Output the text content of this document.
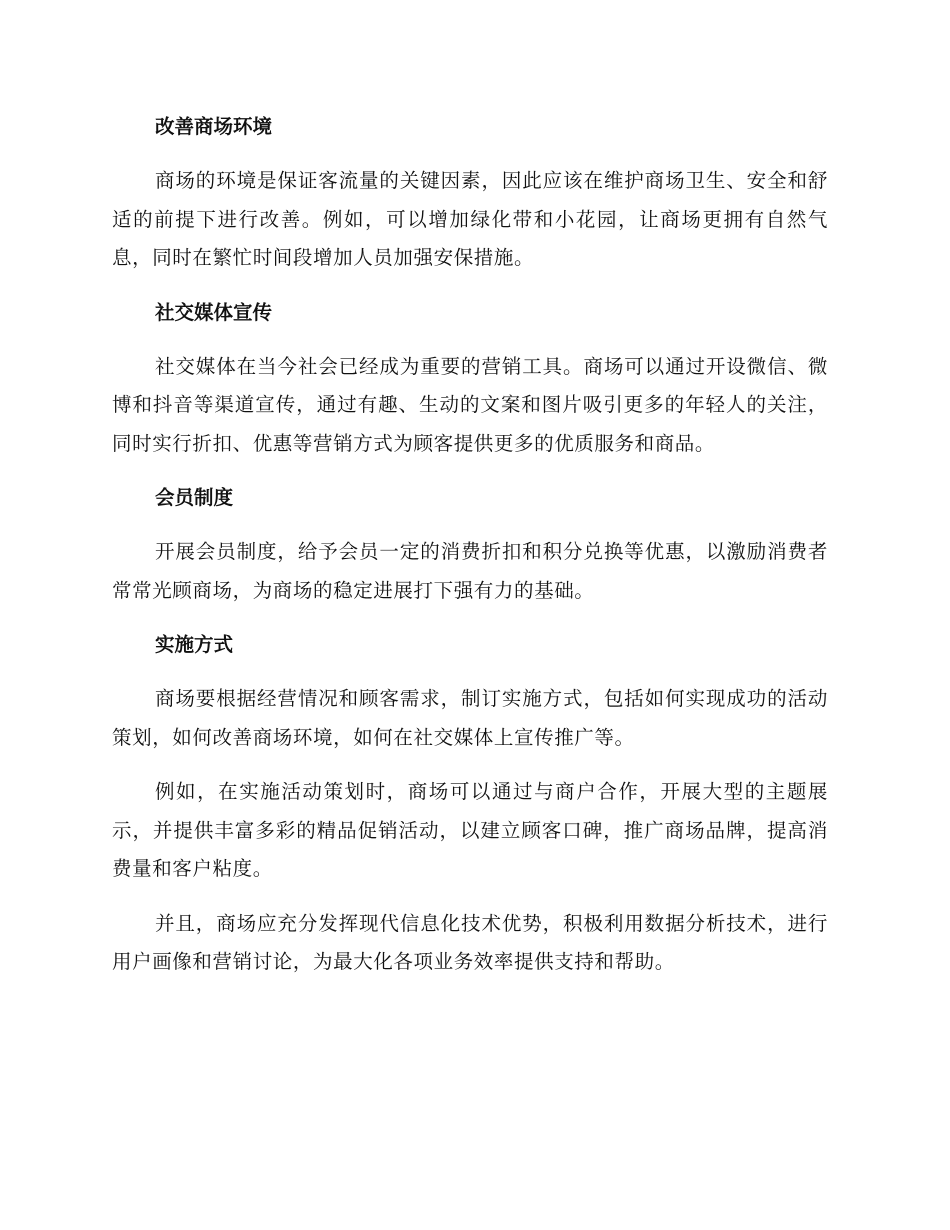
改善商场环境

商场的环境是保证客流量的关键因素，因此应该在维护商场卫生、安全和舒适的前提下进行改善。例如，可以增加绿化带和小花园，让商场更拥有自然气息，同时在繁忙时间段增加人员加强安保措施。

社交媒体宣传

社交媒体在当今社会已经成为重要的营销工具。商场可以通过开设微信、微博和抖音等渠道宣传，通过有趣、生动的文案和图片吸引更多的年轻人的关注，同时实行折扣、优惠等营销方式为顾客提供更多的优质服务和商品。

会员制度

开展会员制度，给予会员一定的消费折扣和积分兑换等优惠，以激励消费者常常光顾商场，为商场的稳定进展打下强有力的基础。

实施方式

商场要根据经营情况和顾客需求，制订实施方式，包括如何实现成功的活动策划，如何改善商场环境，如何在社交媒体上宣传推广等。

例如，在实施活动策划时，商场可以通过与商户合作，开展大型的主题展示，并提供丰富多彩的精品促销活动，以建立顾客口碑，推广商场品牌，提高消费量和客户粘度。

并且，商场应充分发挥现代信息化技术优势，积极利用数据分析技术，进行用户画像和营销讨论，为最大化各项业务效率提供支持和帮助。
